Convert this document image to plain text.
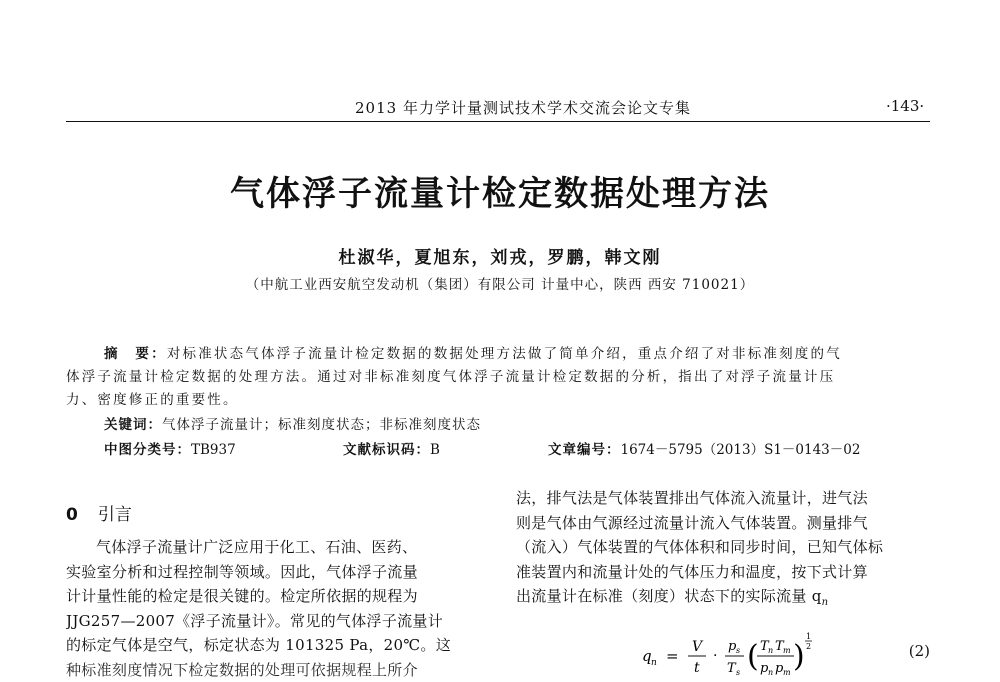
2013 年力学计量测试技术学术交流会论文专集	·143·
气体浮子流量计检定数据处理方法
杜淑华，夏旭东，刘戎，罗鹏，韩文刚
（中航工业西安航空发动机（集团）有限公司 计量中心，陕西 西安 710021）
摘　要：对标准状态气体浮子流量计检定数据的数据处理方法做了简单介绍，重点介绍了对非标准刻度的气
体浮子流量计检定数据的处理方法。通过对非标准刻度气体浮子流量计检定数据的分析，指出了对浮子流量计压
力、密度修正的重要性。
关键词：气体浮子流量计；标准刻度状态；非标准刻度状态
中图分类号：TB937	文献标识码：B	文章编号：1674－5795（2013）S1－0143－02
0 引言
气体浮子流量计广泛应用于化工、石油、医药、
实验室分析和过程控制等领域。因此，气体浮子流量
计计量性能的检定是很关键的。检定所依据的规程为
JJG257—2007《浮子流量计》。常见的气体浮子流量计
的标定气体是空气，标定状态为 101325 Pa，20℃。这
种标准刻度情况下检定数据的处理可依据规程上所介
法，排气法是气体装置排出气体流入流量计，进气法
则是气体由气源经过流量计流入气体装置。测量排气
（流入）气体装置的气体体积和同步时间，已知气体标
准装置内和流量计处的气体压力和温度，按下式计算
出流量计在标准（刻度）状态下的实际流量 $q_n$
q n = V
t
·
p s
T s ( T n T m
p n p m )
1
2	(2)
